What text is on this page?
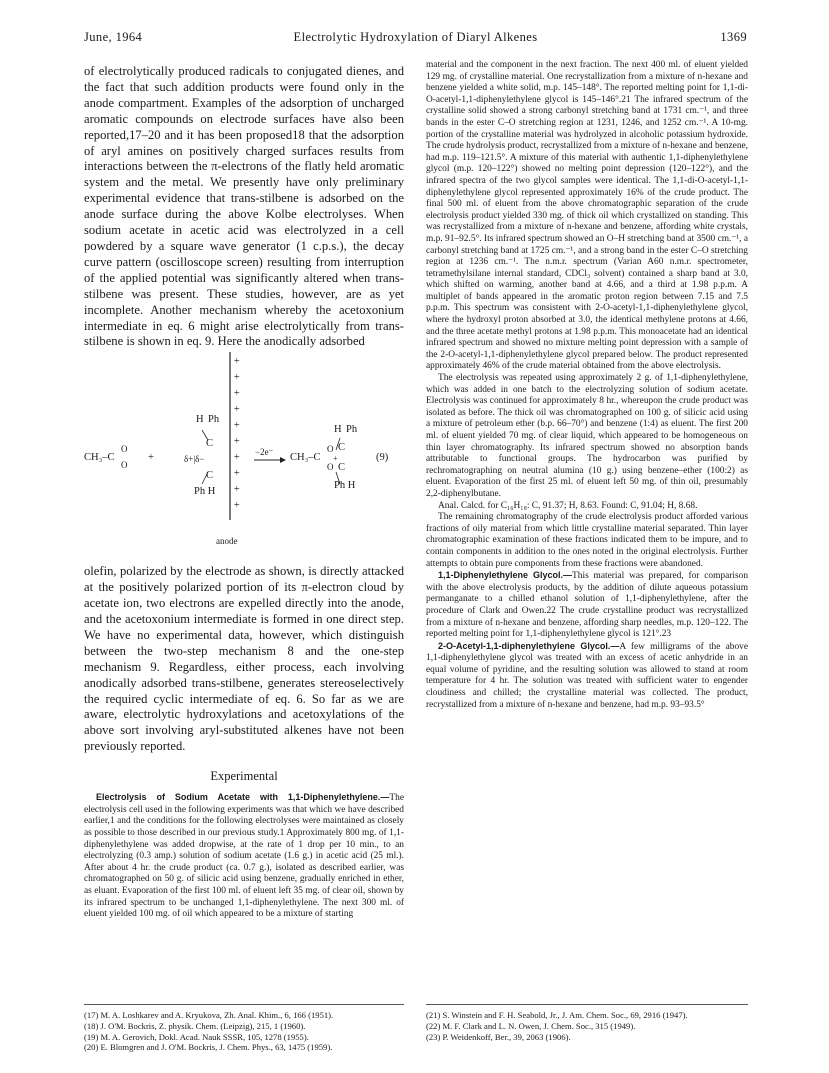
June, 1964	Electrolytic Hydroxylation of Diaryl Alkenes	1369

of electrolytically produced radicals to conjugated dienes, and the fact that such addition products were found only in the anode compartment. Examples of the adsorption of uncharged aromatic compounds on electrode surfaces have also been reported,17–20 and it has been proposed18 that the adsorption of aryl amines on positively charged surfaces results from interactions between the π-electrons of the flatly held aromatic system and the metal. We presently have only preliminary experimental evidence that trans-stilbene is adsorbed on the anode surface during the above Kolbe electrolyses. When sodium acetate in acetic acid was electrolyzed in a cell powdered by a square wave generator (1 c.p.s.), the decay curve pattern (oscilloscope screen) resulting from interruption of the applied potential was significantly altered when trans-stilbene was present. These studies, however, are as yet incomplete. Another mechanism whereby the acetoxonium intermediate in eq. 6 might arise electrolytically from trans-stilbene is shown in eq. 9. Here the anodically adsorbed

+
+
+
+
+
+
+
+
+
+
CH₃–C
O
O
+	δ+|δ−
H Ph
C
C
Ph H
−2e⁻ CH₃–C
O
O
+
C
C
H Ph
Ph H
(9)
anode

olefin, polarized by the electrode as shown, is directly attacked at the positively polarized portion of its π-electron cloud by acetate ion, two electrons are expelled directly into the anode, and the acetoxonium intermediate is formed in one direct step. We have no experimental data, however, which distinguish between the two-step mechanism 8 and the one-step mechanism 9. Regardless, either process, each involving anodically adsorbed trans-stilbene, generates stereoselectively the required cyclic intermediate of eq. 6. So far as we are aware, electrolytic hydroxylations and acetoxylations of the above sort involving aryl-substituted alkenes have not been previously reported.

Experimental

Electrolysis of Sodium Acetate with 1,1-Diphenylethylene.—The electrolysis cell used in the following experiments was that which we have described earlier,1 and the conditions for the following electrolyses were maintained as closely as possible to those described in our previous study.1 Approximately 800 mg. of 1,1-diphenylethylene was added dropwise, at the rate of 1 drop per 10 min., to an electrolyzing (0.3 amp.) solution of sodium acetate (1.6 g.) in acetic acid (25 ml.). After about 4 hr. the crude product (ca. 0.7 g.), isolated as described earlier, was chromatographed on 50 g. of silicic acid using benzene, gradually enriched in ether, as eluant. Evaporation of the first 100 ml. of eluent left 35 mg. of clear oil, shown by its infrared spectrum to be unchanged 1,1-diphenylethylene. The next 300 ml. of eluent yielded 100 mg. of oil which appeared to be a mixture of starting

material and the component in the next fraction. The next 400 ml. of eluent yielded 129 mg. of crystalline material. One recrystallization from a mixture of n-hexane and benzene yielded a white solid, m.p. 145–148°. The reported melting point for 1,1-di-O-acetyl-1,1-diphenylethylene glycol is 145–146°.21 The infrared spectrum of the crystalline solid showed a strong carbonyl stretching band at 1731 cm.⁻¹, and three bands in the ester C–O stretching region at 1231, 1246, and 1252 cm.⁻¹. A 10-mg. portion of the crystalline material was hydrolyzed in alcoholic potassium hydroxide. The crude hydrolysis product, recrystallized from a mixture of n-hexane and benzene, had m.p. 119–121.5°. A mixture of this material with authentic 1,1-diphenylethylene glycol (m.p. 120–122°) showed no melting point depression (120–122°), and the infrared spectra of the two glycol samples were identical. The 1,1-di-O-acetyl-1,1-diphenylethylene glycol represented approximately 16% of the crude product. The final 500 ml. of eluent from the above chromatographic separation of the crude electrolysis product yielded 330 mg. of thick oil which crystallized on standing. This was recrystallized from a mixture of n-hexane and benzene, affording white crystals, m.p. 91–92.5°. Its infrared spectrum showed an O–H stretching band at 3500 cm.⁻¹, a carbonyl stretching band at 1725 cm.⁻¹, and a strong band in the ester C–O stretching region at 1236 cm.⁻¹. The n.m.r. spectrum (Varian A60 n.m.r. spectrometer, tetramethylsilane internal standard, CDCl₃ solvent) contained a sharp band at 3.0, which shifted on warming, another band at 4.66, and a third at 1.98 p.p.m. A multiplet of bands appeared in the aromatic proton region between 7.15 and 7.5 p.p.m. This spectrum was consistent with 2-O-acetyl-1,1-diphenylethylene glycol, where the hydroxyl proton absorbed at 3.0, the identical methylene protons at 4.66, and the three acetate methyl protons at 1.98 p.p.m. This monoacetate had an identical infrared spectrum and showed no mixture melting point depression with a sample of the 2-O-acetyl-1,1-diphenylethylene glycol prepared below. The product represented approximately 46% of the crude material obtained from the above electrolysis.

The electrolysis was repeated using approximately 2 g. of 1,1-diphenylethylene, which was added in one batch to the electrolyzing solution of sodium acetate. Electrolysis was continued for approximately 8 hr., whereupon the crude product was isolated as before. The thick oil was chromatographed on 100 g. of silicic acid using a mixture of petroleum ether (b.p. 66–70°) and benzene (1:4) as eluent. The first 200 ml. of eluent yielded 70 mg. of clear liquid, which appeared to be homogeneous on thin layer chromatography. Its infrared spectrum showed no absorption bands attributable to functional groups. The hydrocarbon was purified by rechromatographing on neutral alumina (10 g.) using benzene–ether (100:2) as eluent. Evaporation of the first 25 ml. of eluent left 50 mg. of thin oil, presumably 2,2-diphenylbutane.

Anal. Calcd. for C₁₆H₁₈: C, 91.37; H, 8.63. Found: C, 91.04; H, 8.68.

The remaining chromatography of the crude electrolysis product afforded various fractions of oily material from which little crystalline material separated. Thin layer chromatographic examination of these fractions indicated them to be impure, and to contain components in addition to the ones noted in the original electrolysis. Further attempts to obtain pure components from these fractions were abandoned.

1,1-Diphenylethylene Glycol.—This material was prepared, for comparison with the above electrolysis products, by the addition of dilute aqueous potassium permanganate to a chilled ethanol solution of 1,1-diphenylethylene, after the procedure of Clark and Owen.22 The crude crystalline product was recrystallized from a mixture of n-hexane and benzene, affording sharp needles, m.p. 120–122. The reported melting point for 1,1-diphenylethylene glycol is 121°.23

2-O-Acetyl-1,1-diphenylethylene Glycol.—A few milligrams of the above 1,1-diphenylethylene glycol was treated with an excess of acetic anhydride in an equal volume of pyridine, and the resulting solution was allowed to stand at room temperature for 4 hr. The solution was treated with sufficient water to engender cloudiness and chilled; the crystalline material was collected. The product, recrystallized from a mixture of n-hexane and benzene, had m.p. 93–93.5°

(17) M. A. Loshkarev and A. Kryukova, Zh. Anal. Khim., 6, 166 (1951).

(18) J. O'M. Bockris, Z. physik. Chem. (Leipzig), 215, 1 (1960).

(19) M. A. Gerovich, Dokl. Acad. Nauk SSSR, 105, 1278 (1955).

(20) E. Blomgren and J. O'M. Bockris, J. Chem. Phys., 63, 1475 (1959).

(21) S. Winstein and F. H. Seabold, Jr., J. Am. Chem. Soc., 69, 2916 (1947).

(22) M. F. Clark and L. N. Owen, J. Chem. Soc., 315 (1949).

(23) P. Weidenkoff, Ber., 39, 2063 (1906).
